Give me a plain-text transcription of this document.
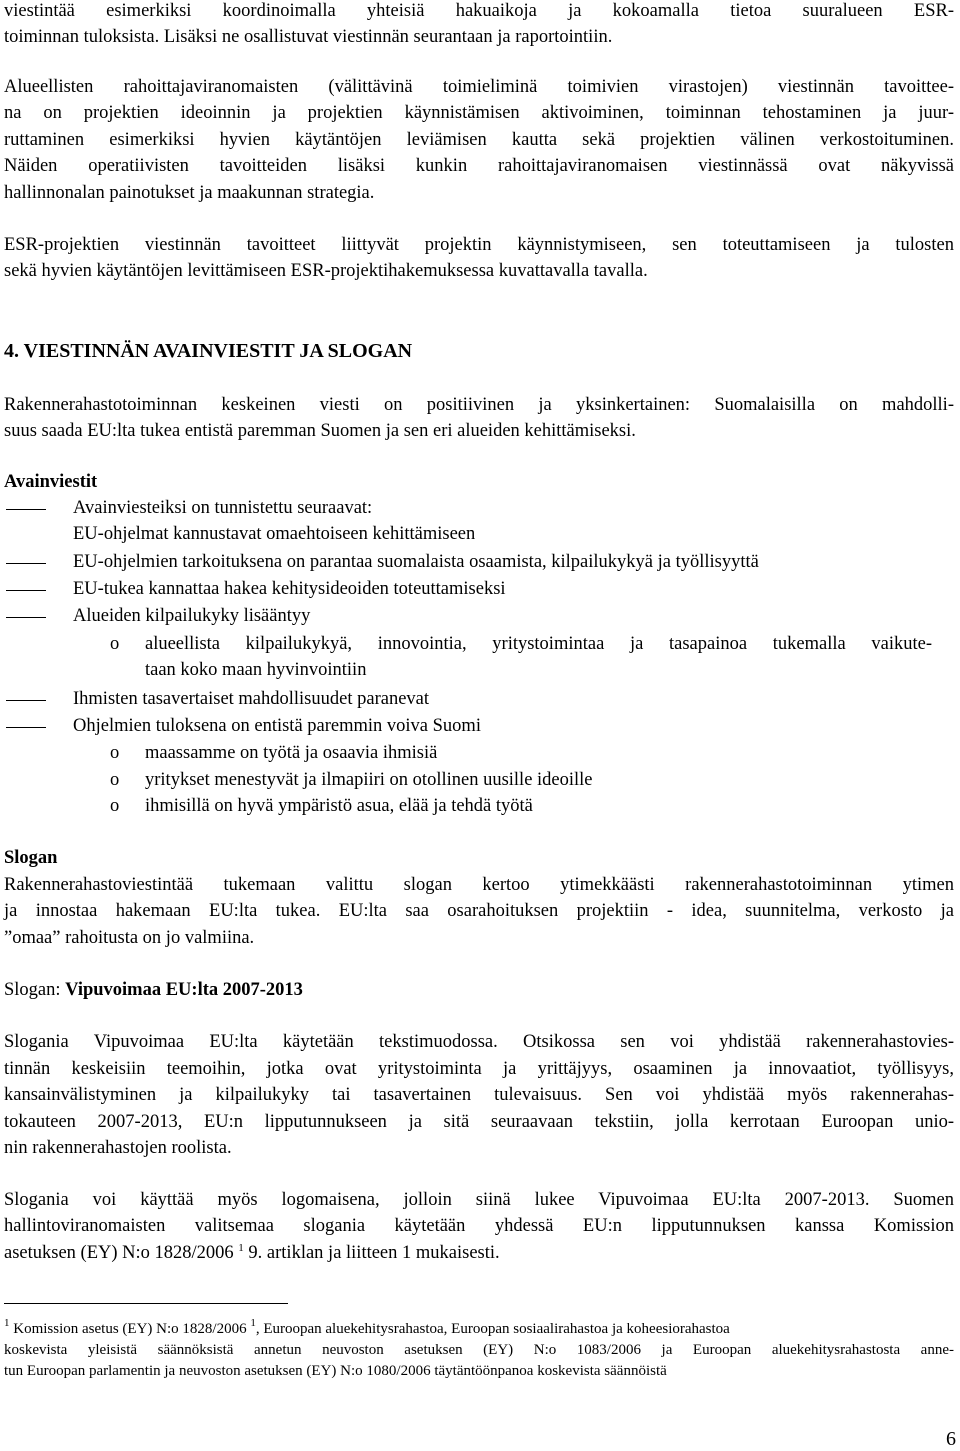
viestintää esimerkiksi koordinoimalla yhteisiä hakuaikoja ja kokoamalla tietoa suuralueen ESR-
toiminnan tuloksista. Lisäksi ne osallistuvat viestinnän seurantaan ja raportointiin.
Alueellisten rahoittajaviranomaisten (välittävinä toimieliminä toimivien virastojen) viestinnän tavoittee-
na on projektien ideoinnin ja projektien käynnistämisen aktivoiminen, toiminnan tehostaminen ja juur-
ruttaminen esimerkiksi hyvien käytäntöjen leviämisen kautta sekä projektien välinen verkostoituminen.
Näiden operatiivisten tavoitteiden lisäksi kunkin rahoittajaviranomaisen viestinnässä ovat näkyvissä
hallinnonalan painotukset ja maakunnan strategia.
ESR-projektien viestinnän tavoitteet liittyvät projektin käynnistymiseen, sen toteuttamiseen ja tulosten
sekä hyvien käytäntöjen levittämiseen ESR-projektihakemuksessa kuvattavalla tavalla.
4. VIESTINNÄN AVAINVIESTIT JA SLOGAN
Rakennerahastotoiminnan keskeinen viesti on positiivinen ja yksinkertainen: Suomalaisilla on mahdolli-
suus saada EU:lta tukea entistä paremman Suomen ja sen eri alueiden kehittämiseksi.
Avainviestit
Avainviesteiksi on tunnistettu seuraavat:
EU-ohjelmat kannustavat omaehtoiseen kehittämiseen
EU-ohjelmien tarkoituksena on parantaa suomalaista osaamista, kilpailukykyä ja työllisyyttä
EU-tukea kannattaa hakea kehitysideoiden toteuttamiseksi
Alueiden kilpailukyky lisääntyy
o alueellista kilpailukykyä, innovointia, yritystoimintaa ja tasapainoa tukemalla vaikute-
taan koko maan hyvinvointiin
Ihmisten tasavertaiset mahdollisuudet paranevat
Ohjelmien tuloksena on entistä paremmin voiva Suomi
o maassamme on työtä ja osaavia ihmisiä
o yritykset menestyvät ja ilmapiiri on otollinen uusille ideoille
o ihmisillä on hyvä ympäristö asua, elää ja tehdä työtä
Slogan
Rakennerahastoviestintää tukemaan valittu slogan kertoo ytimekkäästi rakennerahastotoiminnan ytimen
ja innostaa hakemaan EU:lta tukea. EU:lta saa osarahoituksen projektiin - idea, suunnitelma, verkosto ja
”omaa” rahoitusta on jo valmiina.
Slogan: Vipuvoimaa EU:lta 2007-2013
Slogania Vipuvoimaa EU:lta käytetään tekstimuodossa. Otsikossa sen voi yhdistää rakennerahastovies-
tinnän keskeisiin teemoihin, jotka ovat yritystoiminta ja yrittäjyys, osaaminen ja innovaatiot, työllisyys,
kansainvälistyminen ja kilpailukyky tai tasavertainen tulevaisuus. Sen voi yhdistää myös rakennerahas-
tokauteen 2007-2013, EU:n lipputunnukseen ja sitä seuraavaan tekstiin, jolla kerrotaan Euroopan unio-
nin rakennerahastojen roolista.
Slogania voi käyttää myös logomaisena, jolloin siinä lukee Vipuvoimaa EU:lta 2007-2013. Suomen
hallintoviranomaisten valitsemaa slogania käytetään yhdessä EU:n lipputunnuksen kanssa Komission
asetuksen (EY) N:o 1828/2006 $^1$ 9. artiklan ja liitteen 1 mukaisesti.
$^1$ Komission asetus (EY) N:o 1828/2006 $^1$, Euroopan aluekehitysrahastoa, Euroopan sosiaalirahastoa ja koheesiorahastoa
koskevista yleisistä säännöksistä annetun neuvoston asetuksen (EY) N:o 1083/2006 ja Euroopan aluekehitysrahastosta anne-
tun Euroopan parlamentin ja neuvoston asetuksen (EY) N:o 1080/2006 täytäntöönpanoa koskevista säännöistä
6
